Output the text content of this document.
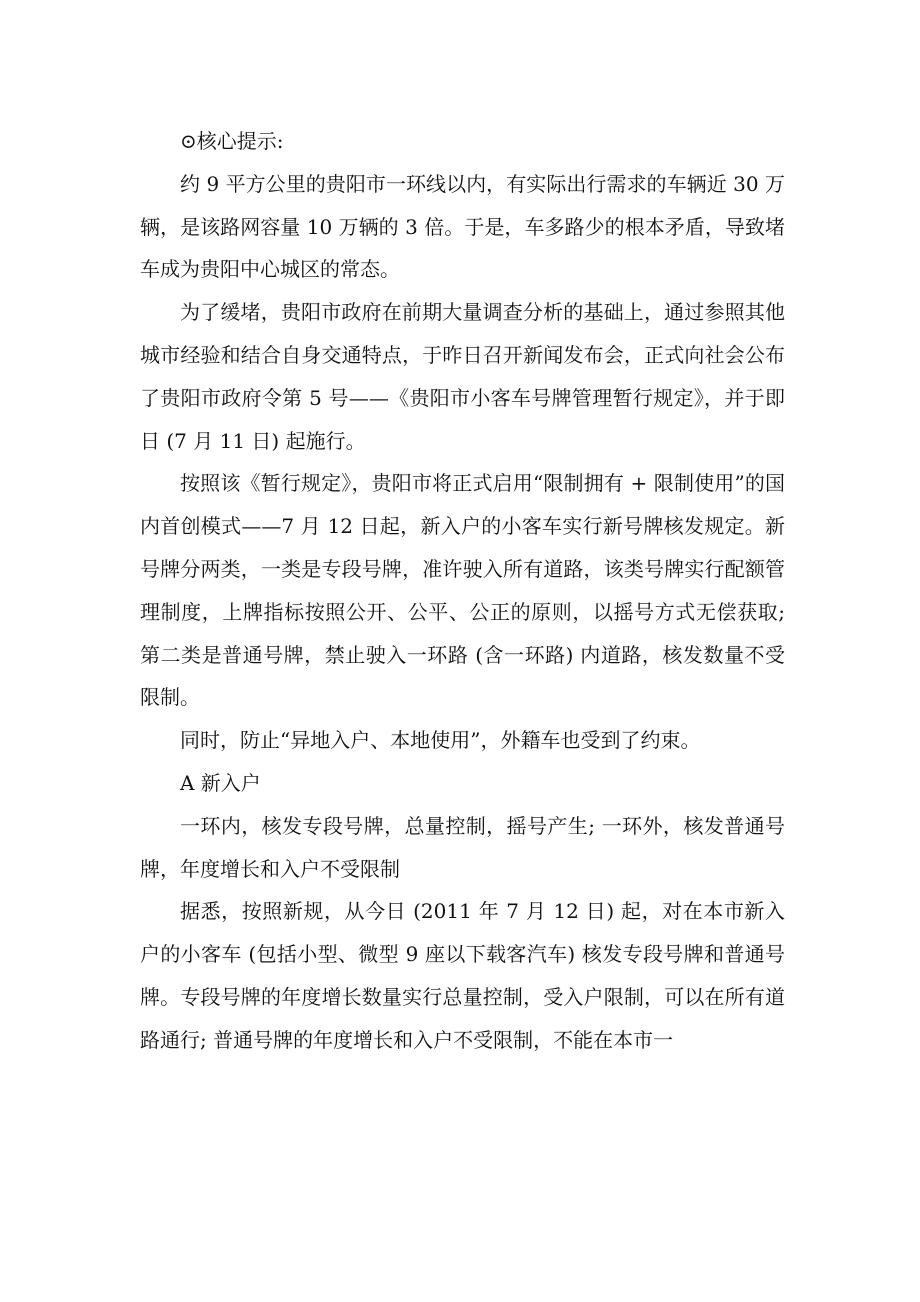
⊙核心提示:

约 9 平方公里的贵阳市一环线以内，有实际出行需求的车辆近 30 万辆，是该路网容量 10 万辆的 3 倍。于是，车多路少的根本矛盾，导致堵车成为贵阳中心城区的常态。

为了缓堵，贵阳市政府在前期大量调查分析的基础上，通过参照其他城市经验和结合自身交通特点，于昨日召开新闻发布会，正式向社会公布了贵阳市政府令第 5 号——《贵阳市小客车号牌管理暂行规定》，并于即日 (7 月 11 日) 起施行。

按照该《暂行规定》，贵阳市将正式启用“限制拥有 + 限制使用”的国内首创模式——7 月 12 日起，新入户的小客车实行新号牌核发规定。新号牌分两类，一类是专段号牌，准许驶入所有道路，该类号牌实行配额管理制度，上牌指标按照公开、公平、公正的原则，以摇号方式无偿获取; 第二类是普通号牌，禁止驶入一环路 (含一环路) 内道路，核发数量不受限制。

同时，防止“异地入户、本地使用”，外籍车也受到了约束。

A 新入户

一环内，核发专段号牌，总量控制，摇号产生; 一环外，核发普通号牌，年度增长和入户不受限制

据悉，按照新规，从今日 (2011 年 7 月 12 日) 起，对在本市新入户的小客车 (包括小型、微型 9 座以下载客汽车) 核发专段号牌和普通号牌。专段号牌的年度增长数量实行总量控制，受入户限制，可以在所有道路通行; 普通号牌的年度增长和入户不受限制，不能在本市一
